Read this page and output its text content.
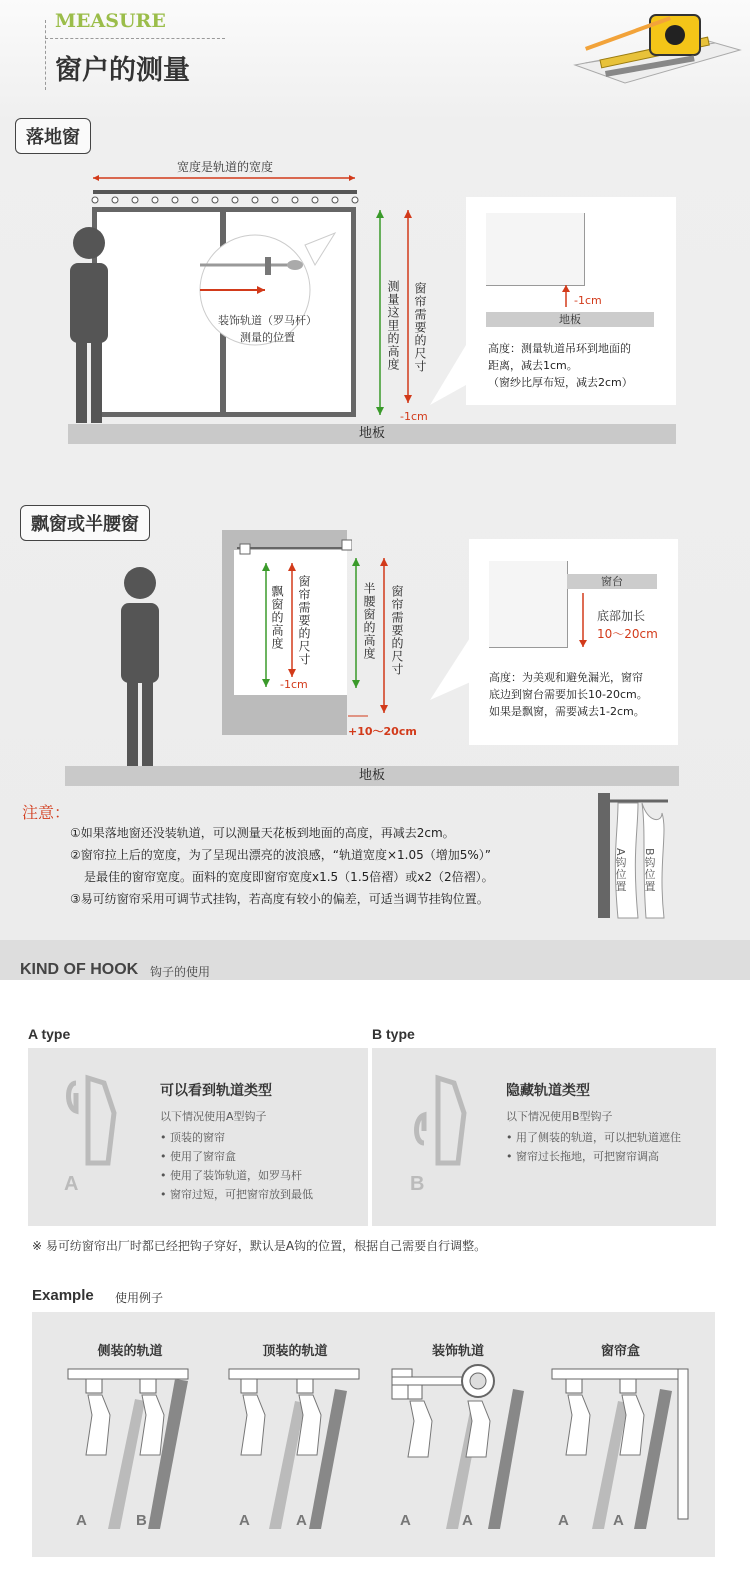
MEASURE
窗户的测量
落地窗
宽度是轨道的宽度
装饰轨道（罗马杆）
测量的位置	测量这里的高度 窗帘需要的尺寸
-1cm
地板
-1cm
地板
高度：测量轨道吊环到地面的
距离，减去1cm。
（窗纱比厚布短，减去2cm）
飘窗或半腰窗
飘窗的高度 窗帘需要的尺寸
-1cm
半腰窗的高度 窗帘需要的尺寸
+10～20cm
地板
窗台
底部加长
10～20cm
高度：为美观和避免漏光，窗帘
底边到窗台需要加长10-20cm。
如果是飘窗，需要减去1-2cm。
注意：
①如果落地窗还没装轨道，可以测量天花板到地面的高度，再减去2cm。
②窗帘拉上后的宽度，为了呈现出漂亮的波浪感，“轨道宽度×1.05（增加5%）”
是最佳的窗帘宽度。面料的宽度即窗帘宽度x1.5（1.5倍褶）或x2（2倍褶）。
③易可纺窗帘采用可调节式挂钩，若高度有较小的偏差，可适当调节挂钩位置。
A钩位置 B钩位置
KIND OF HOOK 钩子的使用
A type
A
可以看到轨道类型
以下情况使用A型钩子
• 顶装的窗帘
• 使用了窗帘盒
• 使用了装饰轨道，如罗马杆
• 窗帘过短，可把窗帘放到最低
B type
B
隐藏轨道类型
以下情况使用B型钩子
• 用了侧装的轨道，可以把轨道遮住
• 窗帘过长拖地，可把窗帘调高
※ 易可纺窗帘出厂时都已经把钩子穿好，默认是A钩的位置，根据自己需要自行调整。
Example 使用例子
侧装的轨道
A	B
顶装的轨道
A	A
装饰轨道
A	A
窗帘盒
A	A
